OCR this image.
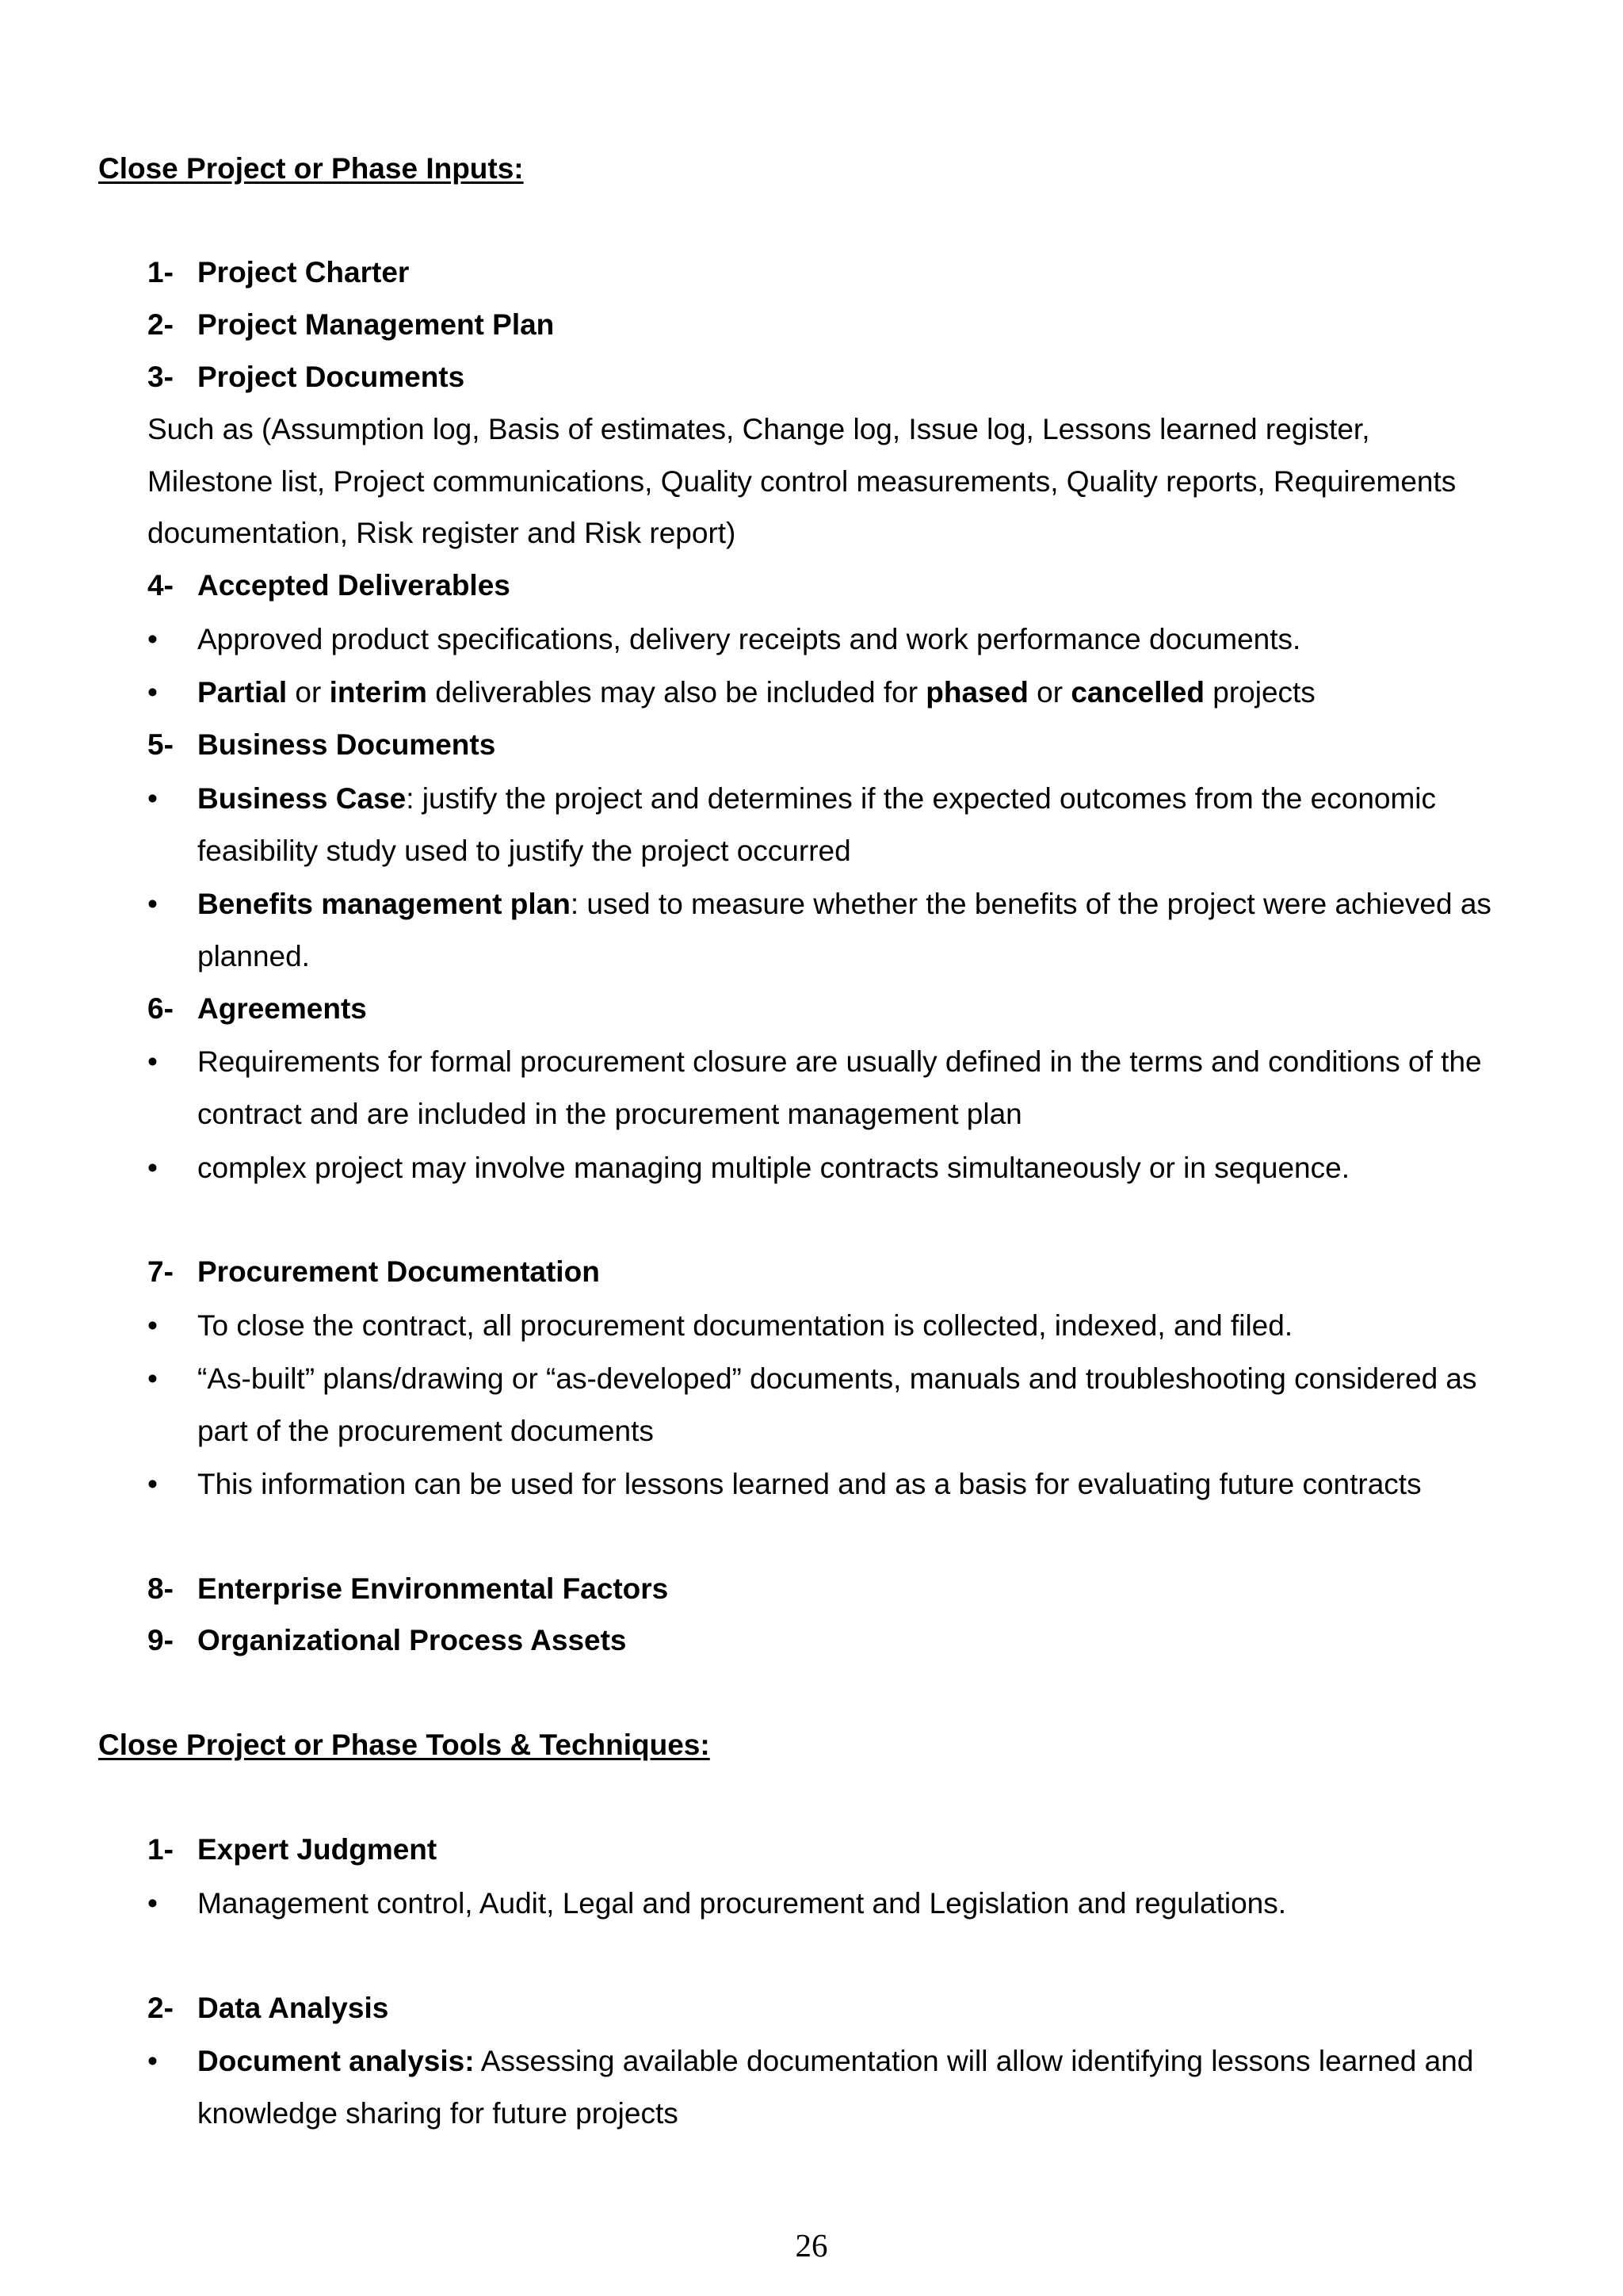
Close Project or Phase Inputs:
1- Project Charter
2- Project Management Plan
3- Project Documents
Such as (Assumption log, Basis of estimates, Change log, Issue log, Lessons learned register,
Milestone list, Project communications, Quality control measurements, Quality reports, Requirements
documentation, Risk register and Risk report)
4- Accepted Deliverables
• Approved product specifications, delivery receipts and work performance documents.
• Partial or interim deliverables may also be included for phased or cancelled projects
5- Business Documents
• Business Case: justify the project and determines if the expected outcomes from the economic
feasibility study used to justify the project occurred
• Benefits management plan: used to measure whether the benefits of the project were achieved as
planned.
6- Agreements
• Requirements for formal procurement closure are usually defined in the terms and conditions of the
contract and are included in the procurement management plan
• complex project may involve managing multiple contracts simultaneously or in sequence.
7- Procurement Documentation
• To close the contract, all procurement documentation is collected, indexed, and filed.
• “As-built” plans/drawing or “as-developed” documents, manuals and troubleshooting considered as
part of the procurement documents
• This information can be used for lessons learned and as a basis for evaluating future contracts
8- Enterprise Environmental Factors
9- Organizational Process Assets
Close Project or Phase Tools & Techniques:
1- Expert Judgment
• Management control, Audit, Legal and procurement and Legislation and regulations.
2- Data Analysis
• Document analysis: Assessing available documentation will allow identifying lessons learned and
knowledge sharing for future projects
26
